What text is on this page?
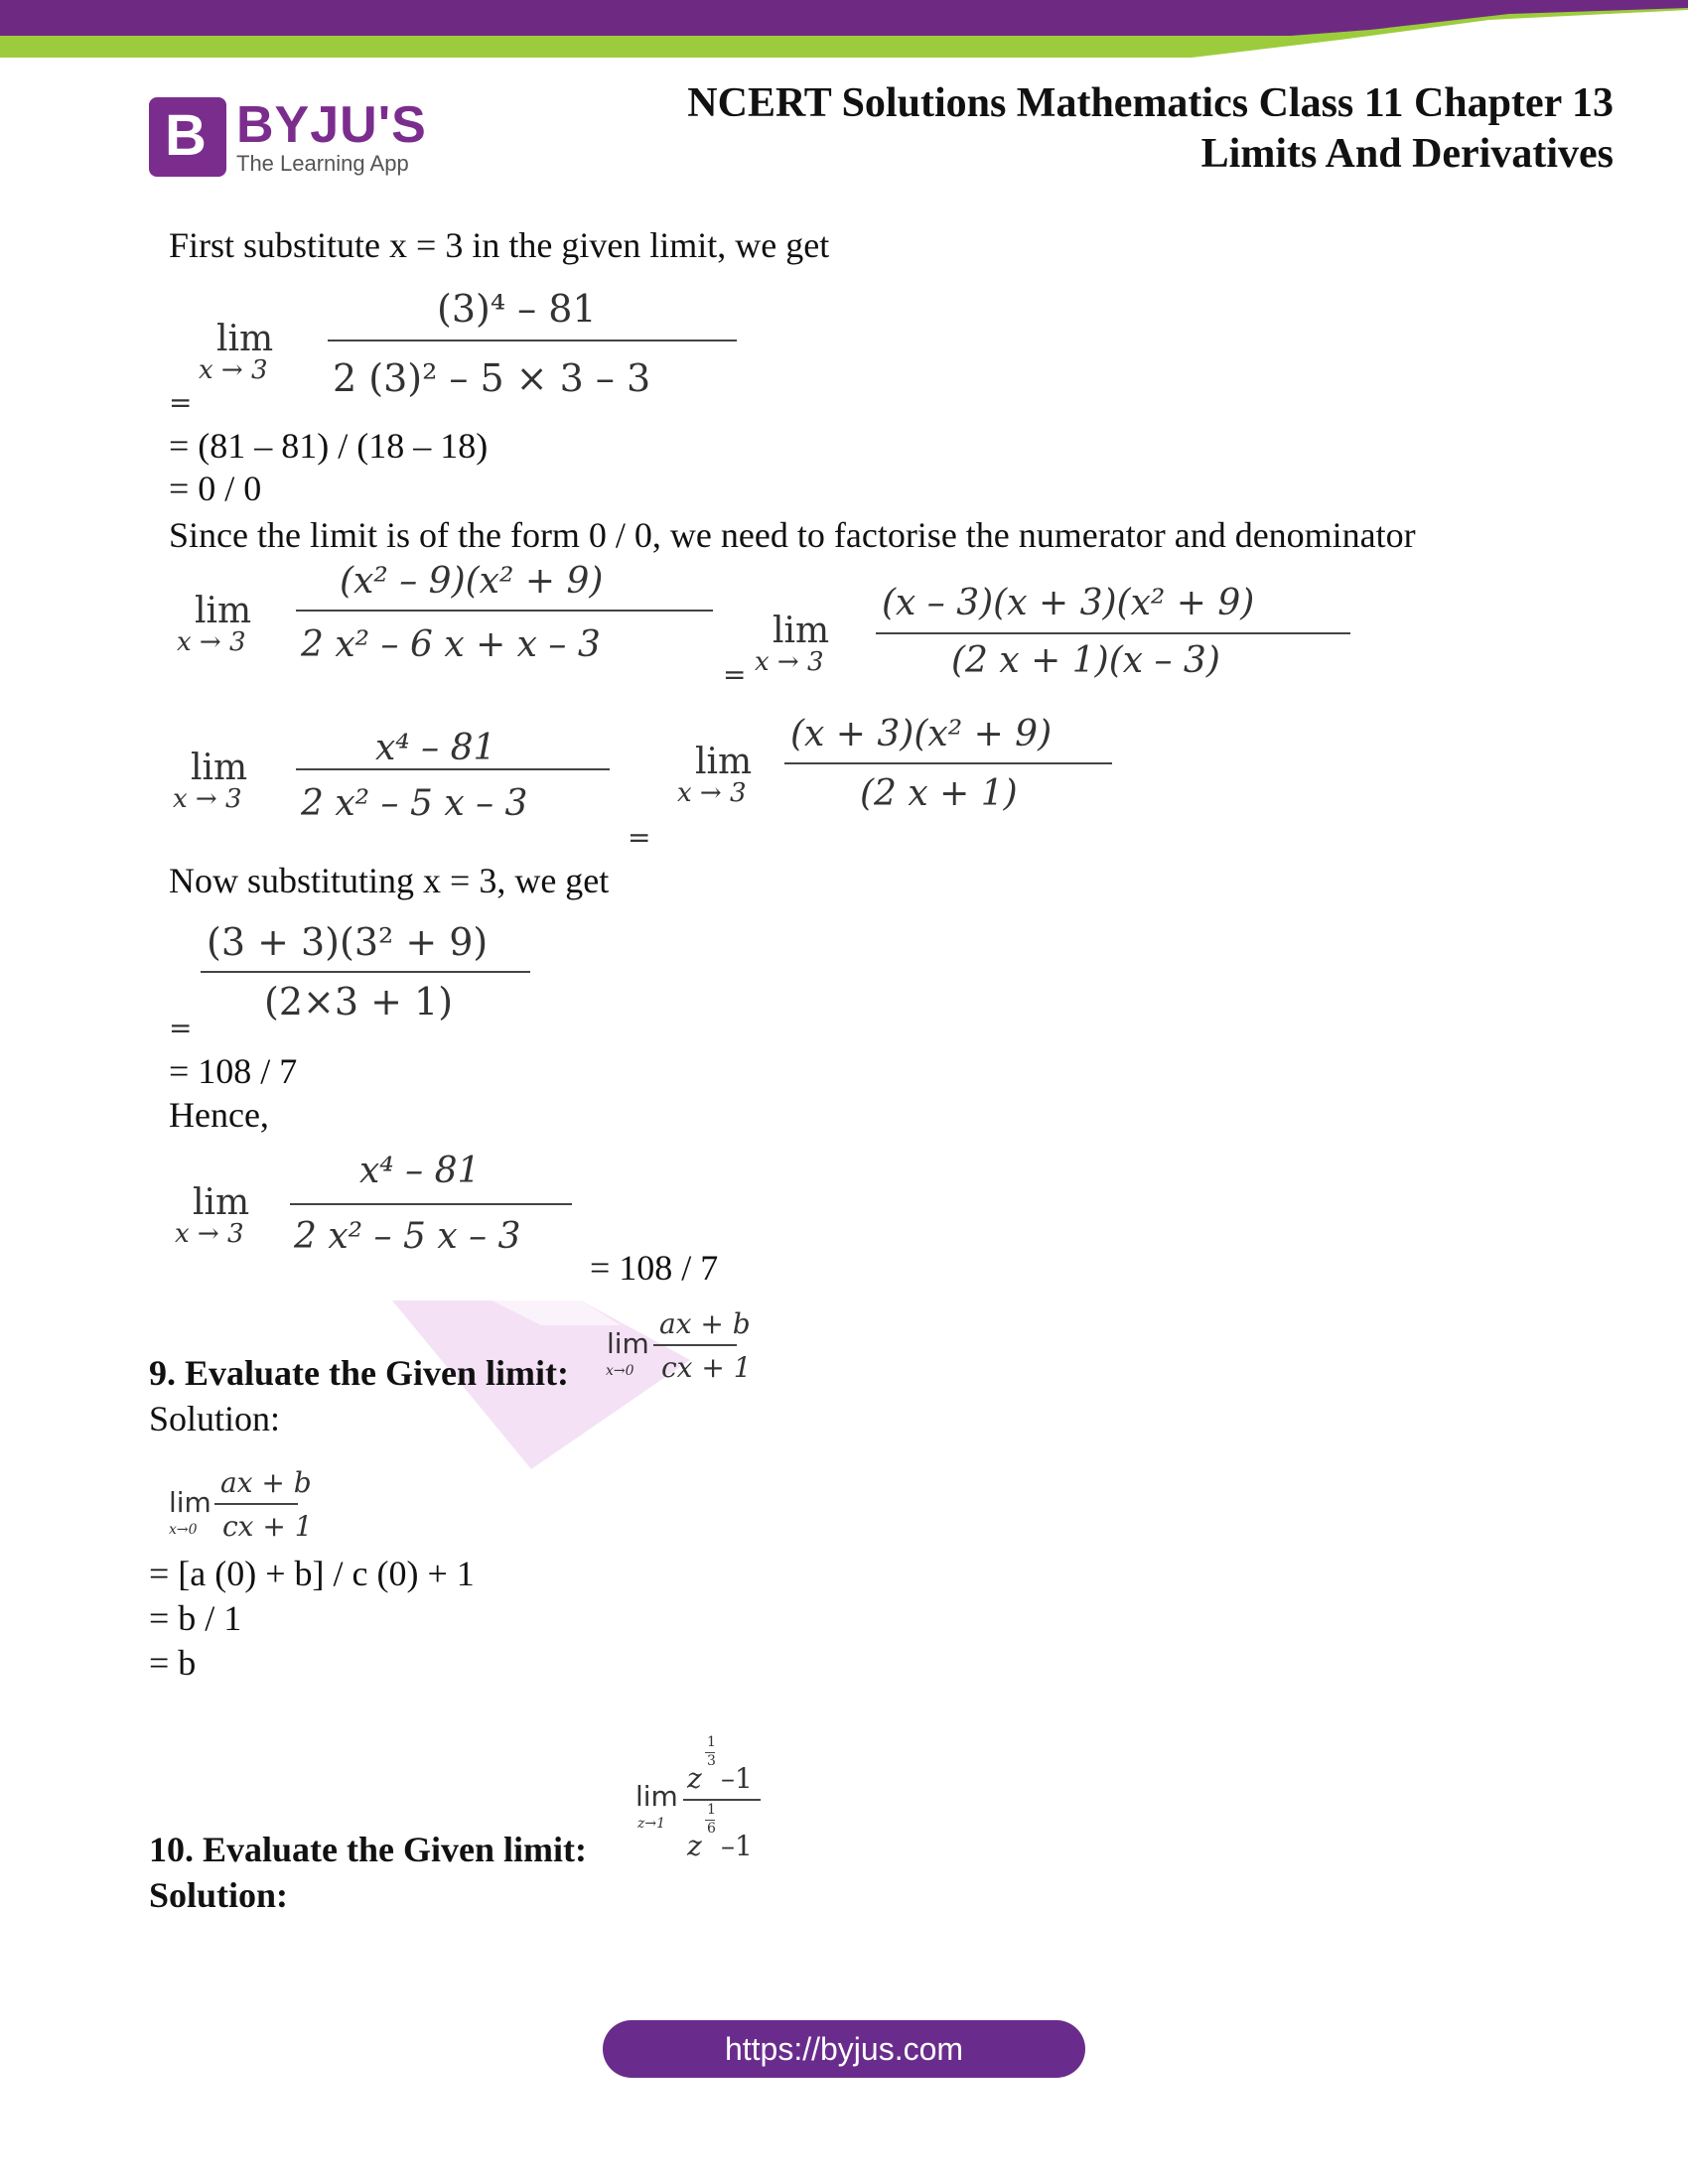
B BYJU'S
The Learning App
NCERT Solutions Mathematics Class 11 Chapter 13
Limits And Derivatives
First substitute x = 3 in the given limit, we get
lim
x → 3
(3)⁴ – 81
2 (3)² – 5 × 3 – 3
=
= (81 – 81) / (18 – 18)
= 0 / 0
Since the limit is of the form 0 / 0, we need to factorise the numerator and denominator
lim
x → 3
(x² – 9)(x² + 9)
2 x² – 6 x + x – 3
=
lim
x → 3
(x – 3)(x + 3)(x² + 9)
(2 x + 1)(x – 3)
lim
x → 3
x⁴ – 81
2 x² – 5 x – 3
=
lim
x → 3
(x + 3)(x² + 9)
(2 x + 1)
Now substituting x = 3, we get
(3 + 3)(3² + 9)
(2×3 + 1)
=
= 108 / 7
Hence,
lim
x → 3
x⁴ – 81
2 x² – 5 x – 3
= 108 / 7
9. Evaluate the Given limit:
lim
x→0
ax + b
cx + 1
Solution:
lim
x→0
ax + b
cx + 1
= [a (0) + b] / c (0) + 1
= b / 1
= b
10. Evaluate the Given limit:
lim
z→1
z
1
3
–1
z
1
6
–1
Solution:
https://byjus.com
